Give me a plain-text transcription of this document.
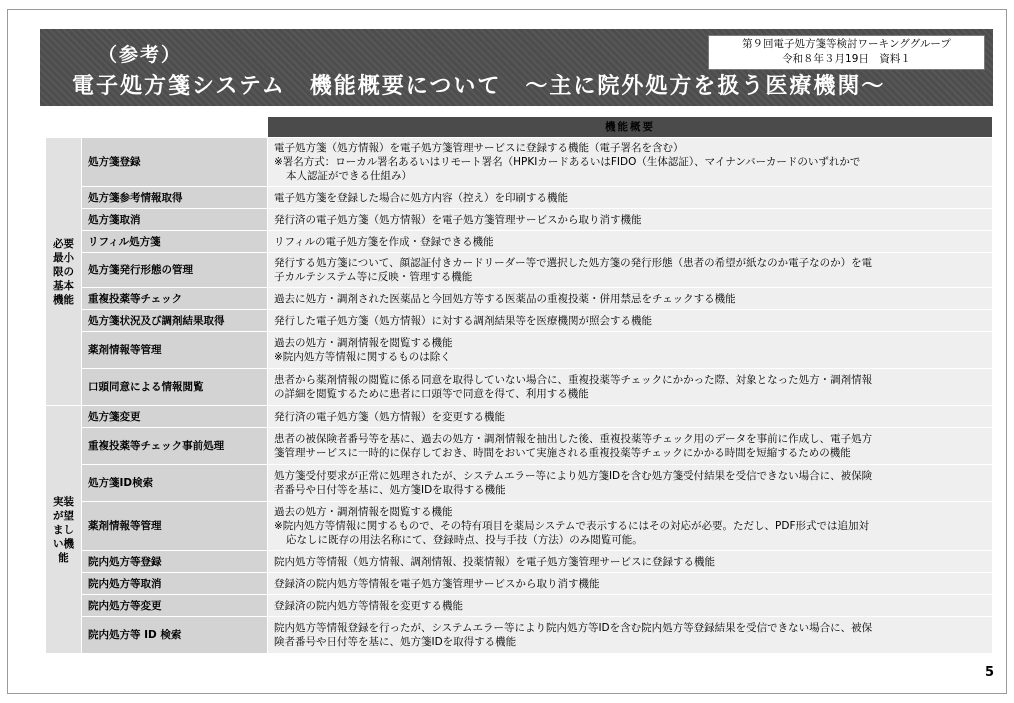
（参考）
電子処方箋システム　機能概要について　～主に院外処方を扱う医療機関～
第９回電子処方箋等検討ワーキンググループ
令和８年３月19日　資料１
		機能概要
必要最小限の基本機能	処方箋登録	電子処方箋（処方情報）を電子処方箋管理サービスに登録する機能（電子署名を含む）
※署名方式：ローカル署名あるいはリモート署名（HPKIカードあるいはFIDO（生体認証）、マイナンバーカードのいずれかで
本人認証ができる仕組み）

	処方箋参考情報取得	電子処方箋を登録した場合に処方内容（控え）を印刷する機能

	処方箋取消	発行済の電子処方箋（処方情報）を電子処方箋管理サービスから取り消す機能

	リフィル処方箋	リフィルの電子処方箋を作成・登録できる機能

	処方箋発行形態の管理	発行する処方箋について、顔認証付きカードリーダー等で選択した処方箋の発行形態（患者の希望が紙なのか電子なのか）を電
子カルテシステム等に反映・管理する機能

	重複投薬等チェック	過去に処方・調剤された医薬品と今回処方等する医薬品の重複投薬・併用禁忌をチェックする機能

	処方箋状況及び調剤結果取得	発行した電子処方箋（処方情報）に対する調剤結果等を医療機関が照会する機能

	薬剤情報等管理	過去の処方・調剤情報を閲覧する機能
※院内処方等情報に関するものは除く

	口頭同意による情報閲覧	患者から薬剤情報の閲覧に係る同意を取得していない場合に、重複投薬等チェックにかかった際、対象となった処方・調剤情報
の詳細を閲覧するために患者に口頭等で同意を得て、利用する機能

実装が望ましい機能	処方箋変更	発行済の電子処方箋（処方情報）を変更する機能

	重複投薬等チェック事前処理	患者の被保険者番号等を基に、過去の処方・調剤情報を抽出した後、重複投薬等チェック用のデータを事前に作成し、電子処方
箋管理サービスに一時的に保存しておき、時間をおいて実施される重複投薬等チェックにかかる時間を短縮するための機能

	処方箋ID検索	処方箋受付要求が正常に処理されたが、システムエラー等により処方箋IDを含む処方箋受付結果を受信できない場合に、被保険
者番号や日付等を基に、処方箋IDを取得する機能

	薬剤情報等管理	過去の処方・調剤情報を閲覧する機能
※院内処方等情報に関するもので、その特有項目を薬局システムで表示するにはその対応が必要。ただし、PDF形式では追加対
応なしに既存の用法名称にて、登録時点、投与手技（方法）のみ閲覧可能。

	院内処方等登録	院内処方等情報（処方情報、調剤情報、投薬情報）を電子処方箋管理サービスに登録する機能

	院内処方等取消	登録済の院内処方等情報を電子処方箋管理サービスから取り消す機能

	院内処方等変更	登録済の院内処方等情報を変更する機能

	院内処方等 ID 検索	院内処方等情報登録を行ったが、システムエラー等により院内処方等IDを含む院内処方等登録結果を受信できない場合に、被保
険者番号や日付等を基に、処方箋IDを取得する機能
5
